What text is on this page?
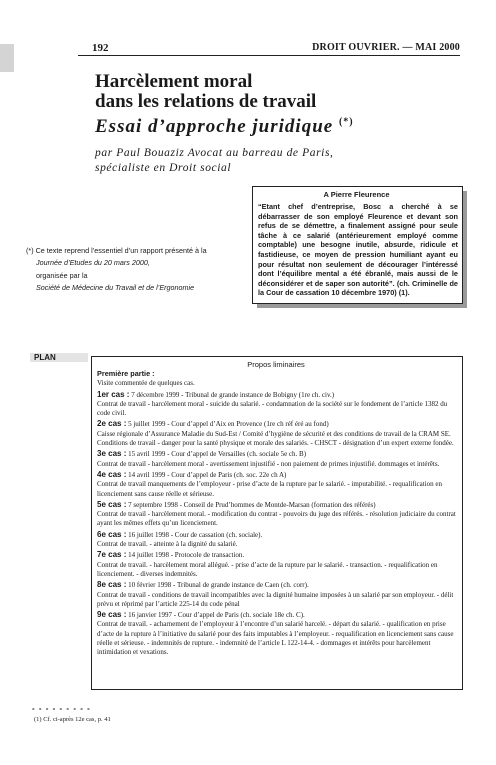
192	DROIT OUVRIER. — MAI 2000
Harcèlement moral
dans les relations de travail
Essai d’approche juridique (*)
par Paul Bouaziz Avocat au barreau de Paris,
spécialiste en Droit social
A Pierre Fleurence
“Etant chef d’entreprise, Bosc a cherché à se débarrasser de son employé Fleurence et devant son refus de se démettre, a finalement assigné pour seule tâche à ce salarié (antérieurement employé comme comptable) une besogne inutile, absurde, ridicule et fastidieuse, ce moyen de pression humiliant ayant eu pour résultat non seulement de décourager l’intéressé dont l’équilibre mental a été ébranlé, mais aussi de le déconsidérer et de saper son autorité”. (ch. Criminelle de la Cour de cassation 10 décembre 1970) (1).
(*) Ce texte reprend l’essentiel d’un rapport présenté à la
Journée d’Etudes du 20 mars 2000,
organisée par la
Société de Médecine du Travail et de l’Ergonomie
PLAN
Propos liminaires

Première partie :

Visite commentée de quelques cas.

1er cas : 7 décembre 1999 - Tribunal de grande instance de Bobigny (1re ch. civ.)
Contrat de travail - harcèlement moral - suicide du salarié. - condamnation de la société sur le fondement de l’article 1382 du code civil.

2e cas : 5 juillet 1999 - Cour d’appel d’Aix en Provence (1re ch réf éré au fond)
Caisse régionale d’Assurance Maladie du Sud-Est / Comité d’hygiène de sécurité et des conditions de travail de la CRAM SE. Conditions de travail - danger pour la santé physique et morale des salariés. - CHSCT - désignation d’un expert externe fondée.

3e cas : 15 avril 1999 - Cour d’appel de Versailles (ch. sociale 5e ch. B)
Contrat de travail - harcèlement moral - avertissement injustifié - non paiement de primes injustifié. dommages et intérêts.

4e cas : 14 avril 1999 - Cour d’appel de Paris (ch. soc. 22e ch A)
Contrat de travail manquements de l’employeur - prise d’acte de la rupture par le salarié. - imputabilité. - requalification en licenciement sans cause réelle et sérieuse.

5e cas : 7 septembre 1998 - Conseil de Prud’hommes de Montde-Marsan (formation des référés)
Contrat de travail - harcèlement moral. - modification du contrat - pouvoirs du juge des référés. - résolution judiciaire du contrat ayant les mêmes effets qu’un licenciement.

6e cas : 16 juillet 1998 - Cour de cassation (ch. sociale).
Contrat de travail. - atteinte à la dignité du salarié.

7e cas : 14 juillet 1998 - Protocole de transaction.
Contrat de travail. - harcèlement moral allégué. - prise d’acte de la rupture par le salarié. - transaction. - requalification en licenciement. - diverses indemnités.

8e cas : 10 février 1998 - Tribunal de grande instance de Caen (ch. corr).
Contrat de travail - conditions de travail incompatibles avec la dignité humaine imposées à un salarié par son employeur. - délit prévu et réprimé par l’article 225-14 du code pénal

9e cas : 16 janvier 1997 - Cour d’appel de Paris (ch. sociale 18e ch. C).
Contrat de travail. - acharnement de l’employeur à l’encontre d’un salarié harcelé. - départ du salarié. - qualification en prise d’acte de la rupture à l’initiative du salarié pour des faits imputables à l’employeur. - requalification en licenciement sans cause réelle et sérieuse. - indemnités de rupture. - indemnité de l’article L 122-14-4. - dommages et intérêts pour harcèlement intimidation et vexations.

- - - - - - - - -
(1) Cf. ci-après 12e cas, p. 41
